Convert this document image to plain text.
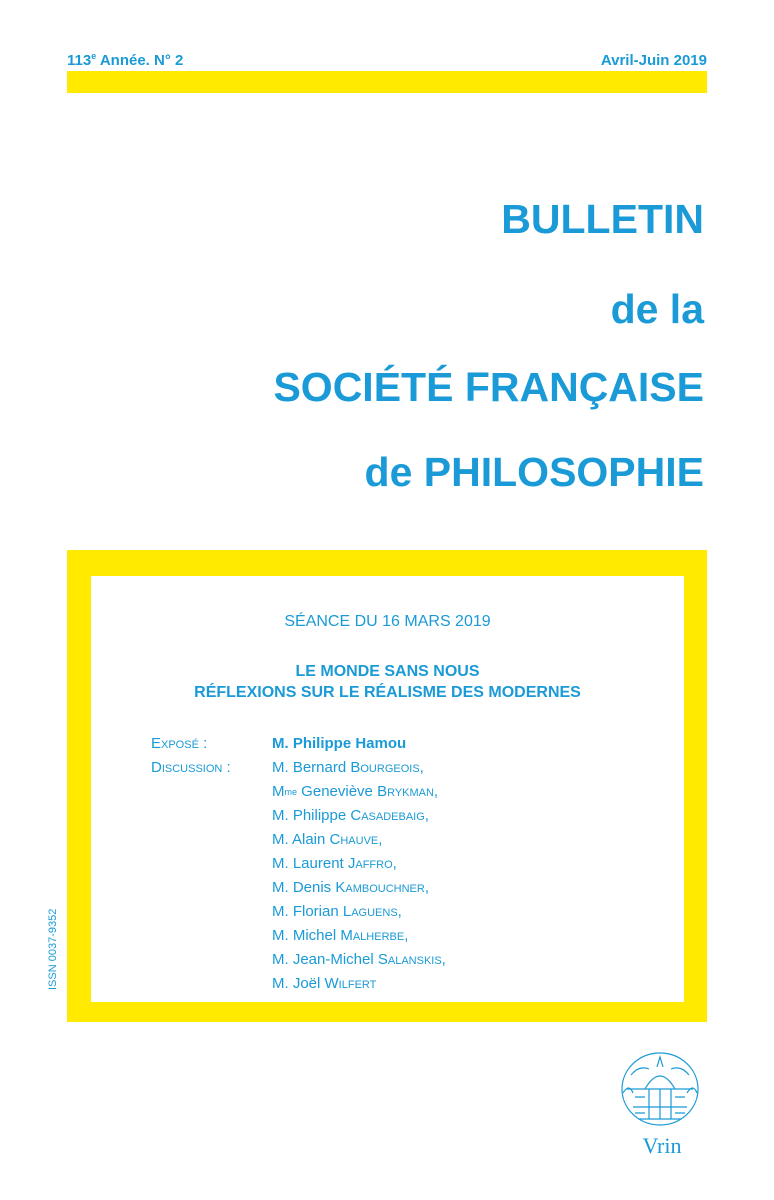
113e Année. N° 2	Avril-Juin 2019
BULLETIN
de la
SOCIÉTÉ FRANÇAISE
de PHILOSOPHIE
SÉANCE DU 16 MARS 2019
LE MONDE SANS NOUS
RÉFLEXIONS SUR LE RÉALISME DES MODERNES
Exposé :
Discussion :
M. Philippe Hamou
M. Bernard Bourgeois,
$M^{me}$ Geneviève Brykman,
M. Philippe Casadebaig,
M. Alain Chauve,
M. Laurent Jaffro,
M. Denis Kambouchner,
M. Florian Laguens,
M. Michel Malherbe,
M. Jean-Michel Salanskis,
M. Joël Wilfert
ISSN 0037-9352
Vrin
